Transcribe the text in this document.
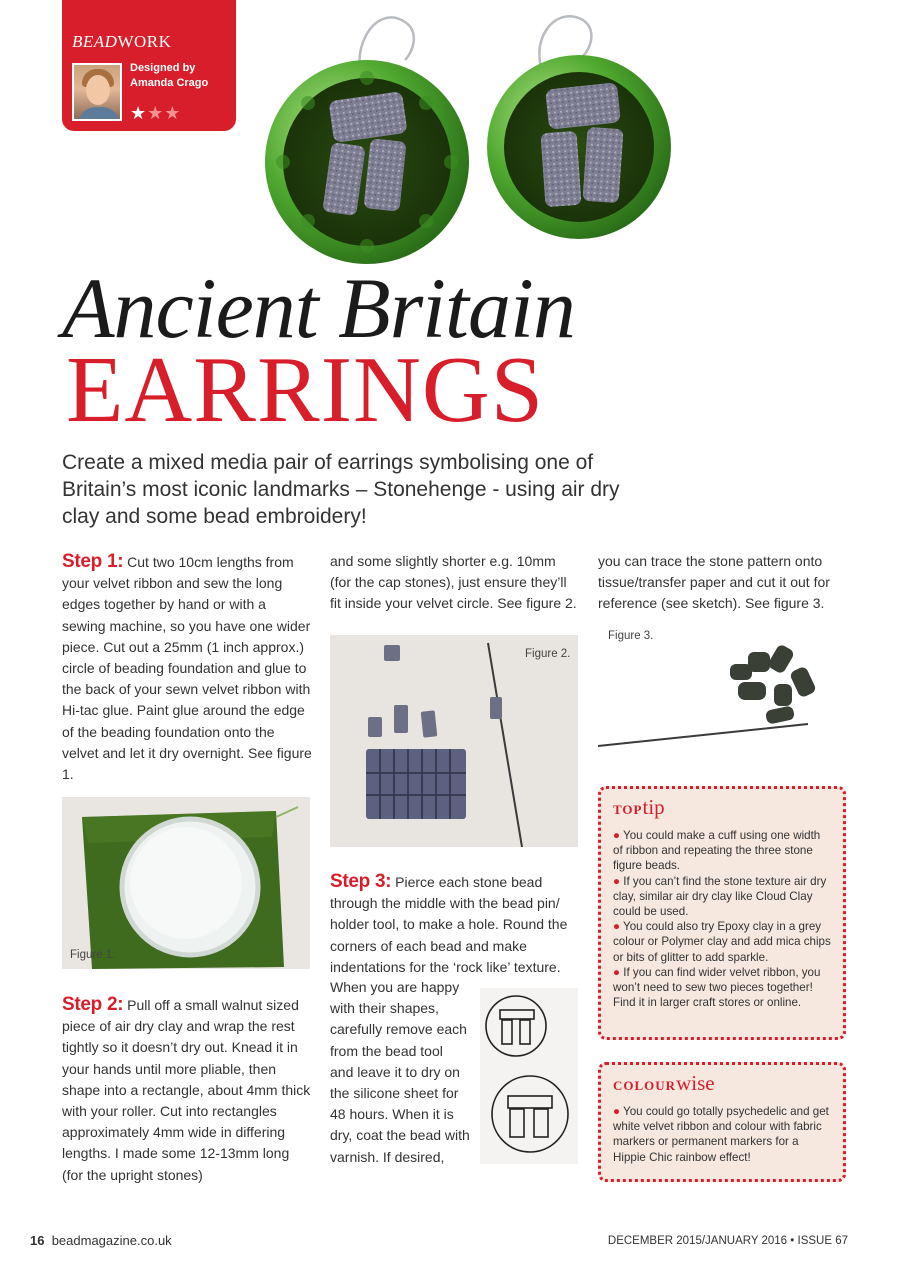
BEADWORK
Designed by
Amanda Crago
★★★
Ancient Britain
EARRINGS
Create a mixed media pair of earrings symbolising one of Britain’s most iconic landmarks – Stonehenge - using air dry clay and some bead embroidery!
Step 1: Cut two 10cm lengths from your velvet ribbon and sew the long edges together by hand or with a sewing machine, so you have one wider piece. Cut out a 25mm (1 inch approx.) circle of beading foundation and glue to the back of your sewn velvet ribbon with Hi-tac glue. Paint glue around the edge of the beading foundation onto the velvet and let it dry overnight. See figure 1.
Figure 1.
Step 2: Pull off a small walnut sized piece of air dry clay and wrap the rest tightly so it doesn’t dry out. Knead it in your hands until more pliable, then shape into a rectangle, about 4mm thick with your roller. Cut into rectangles approximately 4mm wide in differing lengths. I made some 12-13mm long (for the upright stones)
and some slightly shorter e.g. 10mm (for the cap stones), just ensure they’ll fit inside your velvet circle. See figure 2.
Figure 2.
Step 3: Pierce each stone bead through the middle with the bead pin/ holder tool, to make a hole. Round the corners of each bead and make indentations for the ‘rock like’ texture.
When you are happy with their shapes, carefully remove each from the bead tool and leave it to dry on the silicone sheet for 48 hours. When it is dry, coat the bead with varnish. If desired,
you can trace the stone pattern onto tissue/transfer paper and cut it out for reference (see sketch). See figure 3.
Figure 3.
TOPtip
● You could make a cuff using one width of ribbon and repeating the three stone figure beads.
● If you can’t find the stone texture air dry clay, similar air dry clay like Cloud Clay could be used.
● You could also try Epoxy clay in a grey colour or Polymer clay and add mica chips or bits of glitter to add sparkle.
● If you can find wider velvet ribbon, you won’t need to sew two pieces together! Find it in larger craft stores or online.
COLOURwise
● You could go totally psychedelic and get white velvet ribbon and colour with fabric markers or permanent markers for a Hippie Chic rainbow effect!
16 beadmagazine.co.uk	DECEMBER 2015/JANUARY 2016 • ISSUE 67
